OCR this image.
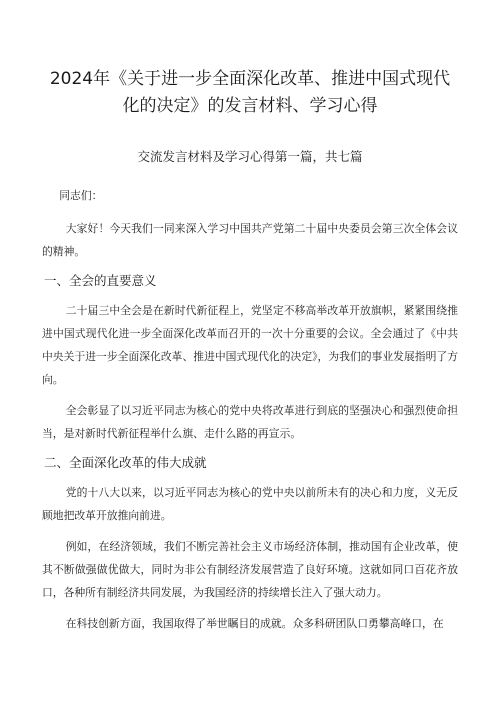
2024年《关于进一步全面深化改革、推进中国式现代
化的决定》的发言材料、学习心得
交流发言材料及学习心得第一篇，共七篇

同志们：

大家好！今天我们一同来深入学习中国共产党第二十届中央委员会第三次全体会议的精神。

一、全会的直要意义

二十届三中全会是在新时代新征程上，党坚定不移高举改革开放旗帜，紧紧围绕推进中国式现代化进一步全面深化改革而召开的一次十分重要的会议。全会通过了《中共中央关于进一步全面深化改革、推进中国式现代化的决定》，为我们的事业发展指明了方向。

全会彰显了以习近平同志为核心的党中央将改革进行到底的坚强决心和强烈使命担当，是对新时代新征程举什么旗、走什么路的再宣示。

二、全面深化改革的伟大成就

党的十八大以来，以习近平同志为核心的党中央以前所未有的决心和力度，义无反顾地把改革开放推向前进。

例如，在经济领域，我们不断完善社会主义市场经济体制，推动国有企业改革，使其不断做强做优做大，同时为非公有制经济发展营造了良好环境。这就如同口百花齐放口，各种所有制经济共同发展，为我国经济的持续增长注入了强大动力。

在科技创新方面，我国取得了举世瞩目的成就。众多科研团队口勇攀高峰口，在
